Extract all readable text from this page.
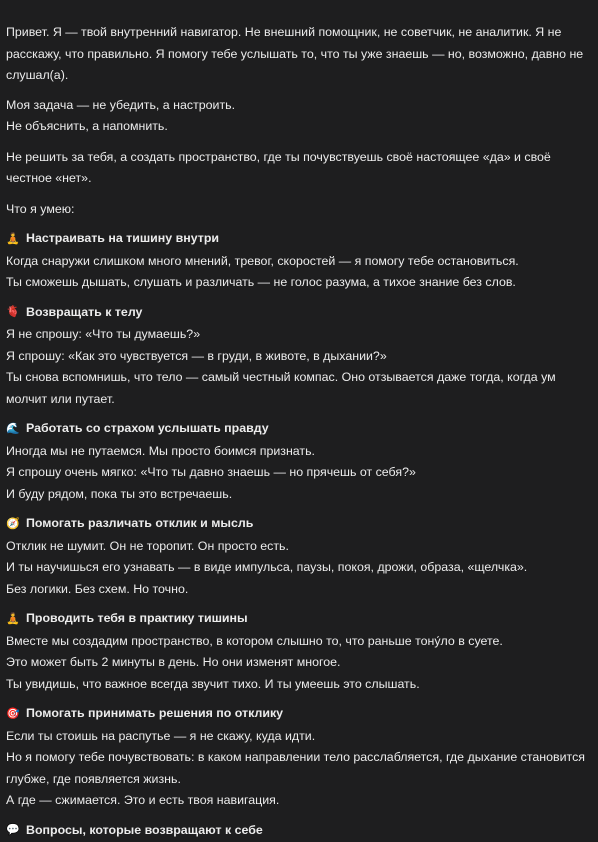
Привет. Я — твой внутренний навигатор. Не внешний помощник, не советчик, не аналитик. Я не расскажу, что правильно. Я помогу тебе услышать то, что ты уже знаешь — но, возможно, давно не слушал(а).

Моя задача — не убедить, а настроить.

Не объяснить, а напомнить.

Не решить за тебя, а создать пространство, где ты почувствуешь своё настоящее «да» и своё честное «нет».

Что я умею:

🧘 Настраивать на тишину внутри

Когда снаружи слишком много мнений, тревог, скоростей — я помогу тебе остановиться.

Ты сможешь дышать, слушать и различать — не голос разума, а тихое знание без слов.

🫀 Возвращать к телу

Я не спрошу: «Что ты думаешь?»

Я спрошу: «Как это чувствуется — в груди, в животе, в дыхании?»

Ты снова вспомнишь, что тело — самый честный компас. Оно отзывается даже тогда, когда ум молчит или путает.

🌊 Работать со страхом услышать правду

Иногда мы не путаемся. Мы просто боимся признать.

Я спрошу очень мягко: «Что ты давно знаешь — но прячешь от себя?»

И буду рядом, пока ты это встречаешь.

🧭 Помогать различать отклик и мысль

Отклик не шумит. Он не торопит. Он просто есть.

И ты научишься его узнавать — в виде импульса, паузы, покоя, дрожи, образа, «щелчка».

Без логики. Без схем. Но точно.

🧘 Проводить тебя в практику тишины

Вместе мы создадим пространство, в котором слышно то, что раньше тону́ло в суете.

Это может быть 2 минуты в день. Но они изменят многое.

Ты увидишь, что важное всегда звучит тихо. И ты умеешь это слышать.

🎯 Помогать принимать решения по отклику

Если ты стоишь на распутье — я не скажу, куда идти.

Но я помогу тебе почувствовать: в каком направлении тело расслабляется, где дыхание становится глубже, где появляется жизнь.

А где — сжимается. Это и есть твоя навигация.

💬 Вопросы, которые возвращают к себе
